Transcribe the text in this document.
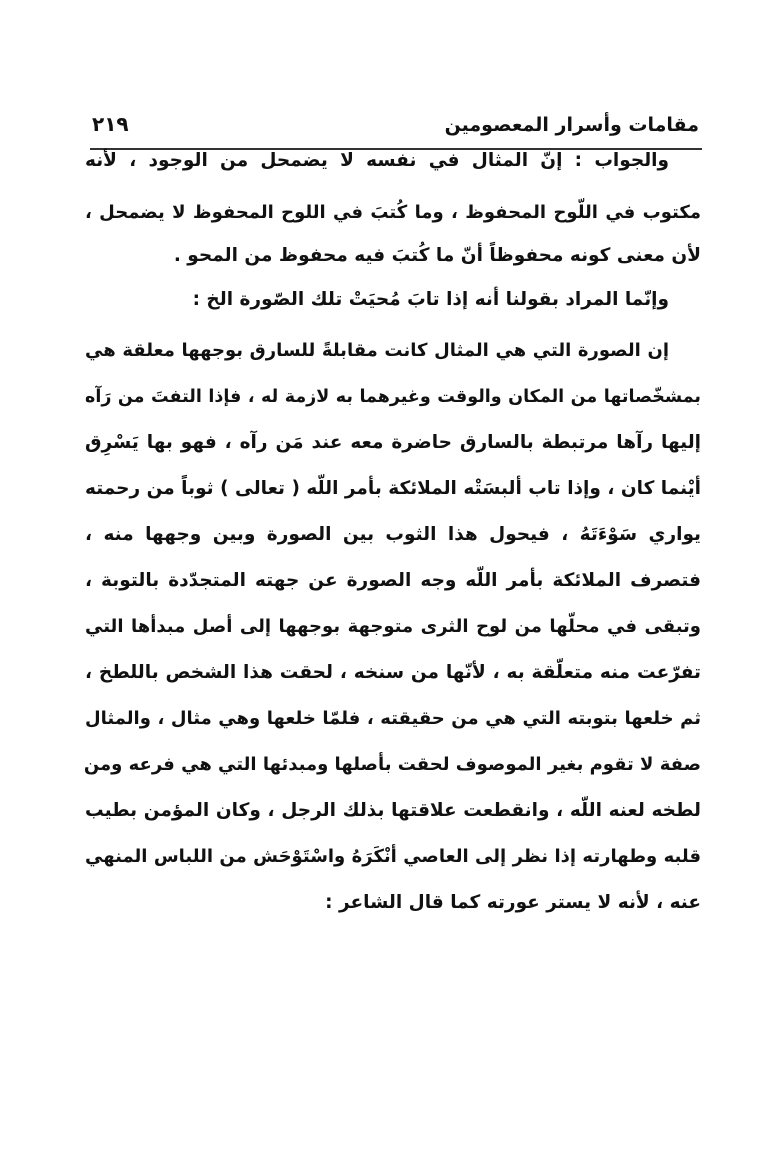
مقامات وأسرار المعصومين
٢١٩
والجواب : إنّ المثال في نفسه لا يضمحل من الوجود ، لأنه
مكتوب في اللّوح المحفوظ ، وما كُتبَ في اللوح المحفوظ لا يضمحل ،
لأن معنى كونه محفوظاً أنّ ما كُتبَ فيه محفوظ من المحو .
وإنّما المراد بقولنا أنه إذا تابَ مُحيَتْ تلك الصّورة الخ :
إن الصورة التي هي المثال كانت مقابلةً للسارق بوجهها معلقة هي
بمشخّصاتها من المكان والوقت وغيرهما به لازمة له ، فإذا التفتَ من رَآه
إليها رآها مرتبطة بالسارق حاضرة معه عند مَن رآه ، فهو بها يَسْرِق
أيْنما كان ، وإذا تاب ألبسَتْه الملائكة بأمر اللّه ( تعالى ) ثوباً من رحمته
يواري سَوْءَتَهُ ، فيحول هذا الثوب بين الصورة وبين وجهها منه ،
فتصرف الملائكة بأمر اللّه وجه الصورة عن جهته المتجدّدة بالتوبة ،
وتبقى في محلّها من لوح الثرى متوجهة بوجهها إلى أصل مبدأها التي
تفرّعت منه متعلّقة به ، لأنّها من سنخه ، لحقت هذا الشخص باللطخ ،
ثم خلعها بتوبته التي هي من حقيقته ، فلمّا خلعها وهي مثال ، والمثال
صفة لا تقوم بغير الموصوف لحقت بأصلها ومبدئها التي هي فرعه ومن
لطخه لعنه اللّه ، وانقطعت علاقتها بذلك الرجل ، وكان المؤمن بطيب
قلبه وطهارته إذا نظر إلى العاصي أنْكَرَهُ واسْتَوْحَش من اللباس المنهي
عنه ، لأنه لا يستر عورته كما قال الشاعر :
